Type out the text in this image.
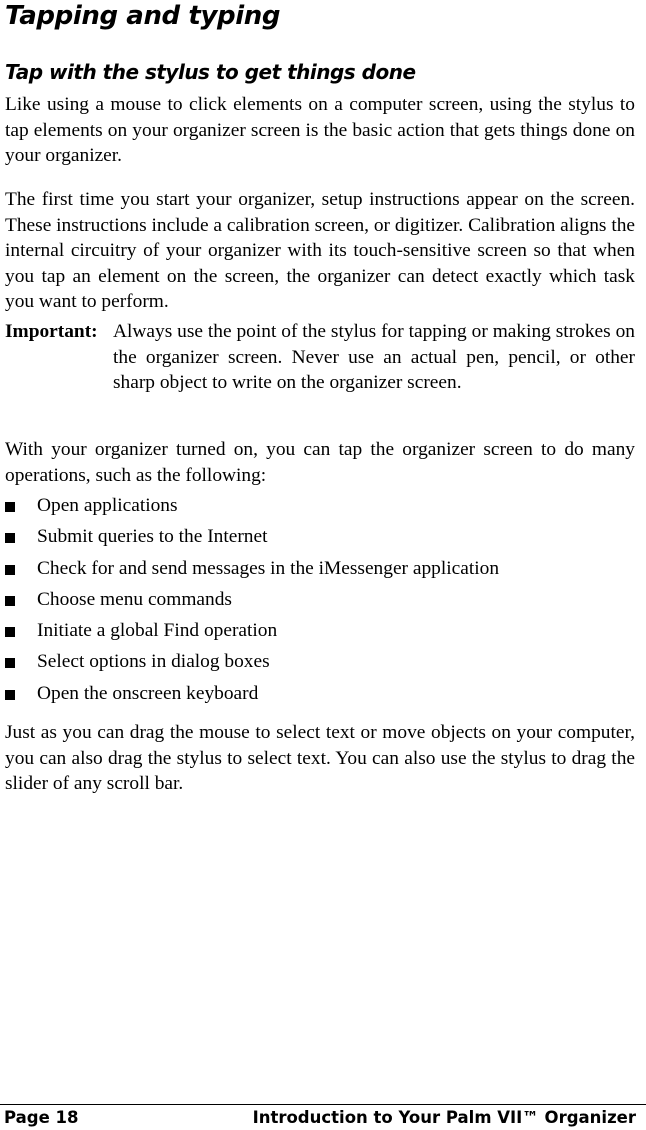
Tapping and typing
Tap with the stylus to get things done

Like using a mouse to click elements on a computer screen, using the stylus to tap elements on your organizer screen is the basic action that gets things done on your organizer.

The first time you start your organizer, setup instructions appear on the screen. These instructions include a calibration screen, or digitizer. Calibration aligns the internal circuitry of your organizer with its touch-sensitive screen so that when you tap an element on the screen, the organizer can detect exactly which task you want to perform.

Important: Always use the point of the stylus for tapping or making strokes on the organizer screen. Never use an actual pen, pencil, or other sharp object to write on the organizer screen.

With your organizer turned on, you can tap the organizer screen to do many operations, such as the following:

Open applications
Submit queries to the Internet
Check for and send messages in the iMessenger application
Choose menu commands
Initiate a global Find operation
Select options in dialog boxes
Open the onscreen keyboard

Just as you can drag the mouse to select text or move objects on your computer, you can also drag the stylus to select text. You can also use the stylus to drag the slider of any scroll bar.

Page 18	Introduction to Your Palm VII™ Organizer
